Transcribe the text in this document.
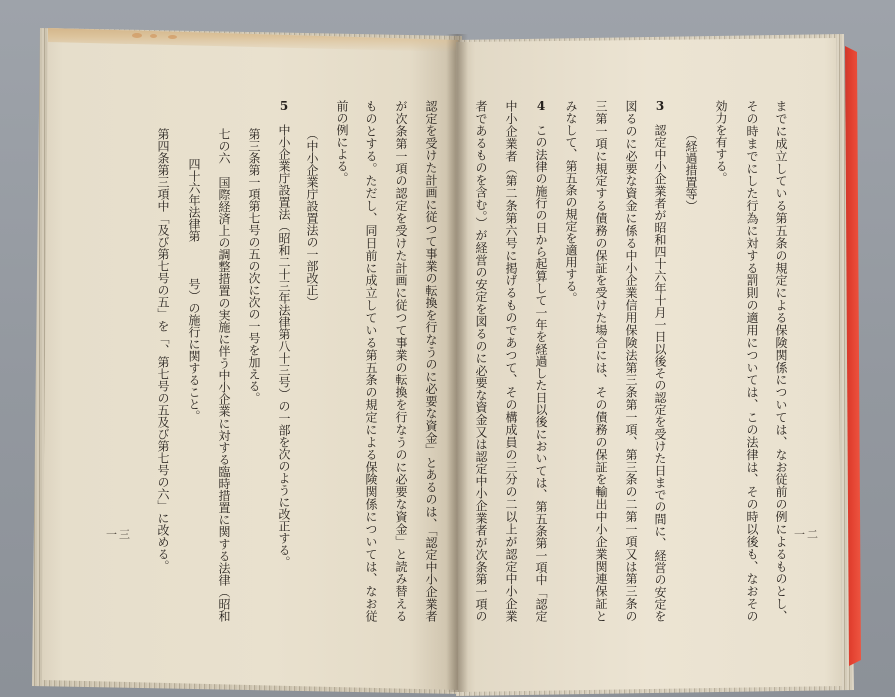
までに成立している第五条の規定による保険関係については、なお従前の例によるものとし、
その時までにした行為に対する罰則の適用については、この法律は、その時以後も、なおその
効力を有する。
（経過措置等）
3
認定中小企業者が昭和四十六年十月一日以後その認定を受けた日までの間に、経営の安定を
図るのに必要な資金に係る中小企業信用保険法第三条第一項、第三条の二第一項又は第三条の
三第一項に規定する債務の保証を受けた場合には、その債務の保証を輸出中小企業関連保証と
みなして、第五条の規定を適用する。
4
この法律の施行の日から起算して一年を経過した日以後においては、第五条第一項中「認定
中小企業者（第二条第六号に掲げるものであつて、その構成員の三分の二以上が認定中小企業
者であるものを含む。）が経営の安定を図るのに必要な資金又は認定中小企業者が次条第一項の	一二
認定を受けた計画に従つて事業の転換を行なうのに必要な資金」とあるのは、「認定中小企業者
が次条第一項の認定を受けた計画に従つて事業の転換を行なうのに必要な資金」と読み替える
ものとする。ただし、同日前に成立している第五条の規定による保険関係については、なお従
前の例による。
（中小企業庁設置法の一部改正）
5
中小企業庁設置法（昭和二十三年法律第八十三号）の一部を次のように改正する。
第三条第一項第七号の五の次に次の一号を加える。
七の六　国際経済上の調整措置の実施に伴う中小企業に対する臨時措置に関する法律（昭和
四十六年法律第　　　号）の施行に関すること。
第四条第三項中「及び第七号の五」を「、第七号の五及び第七号の六」に改める。
一三
